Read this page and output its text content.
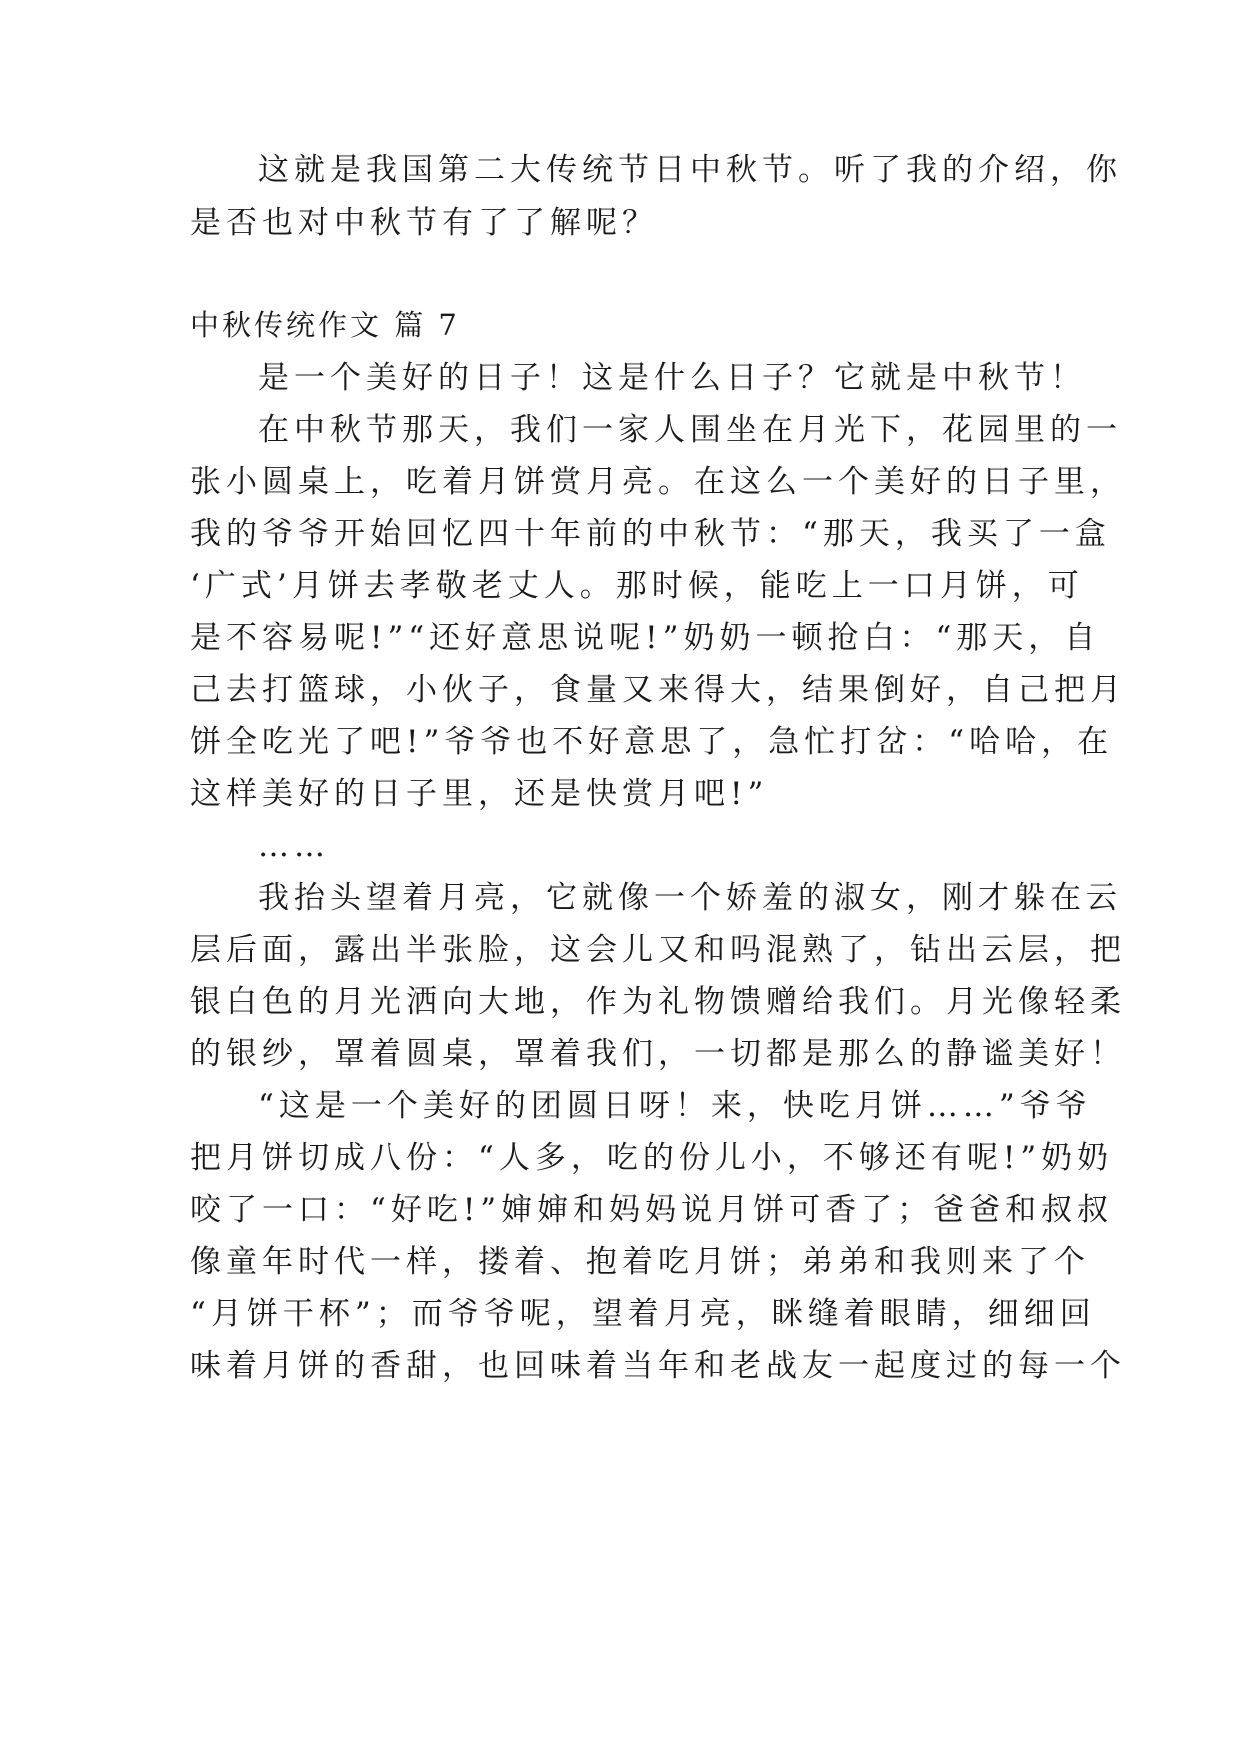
这就是我国第二大传统节日中秋节。听了我的介绍，你
是否也对中秋节有了了解呢？
中秋传统作文 篇 7
是一个美好的日子！这是什么日子？它就是中秋节！
在中秋节那天，我们一家人围坐在月光下，花园里的一
张小圆桌上，吃着月饼赏月亮。在这么一个美好的日子里，
我的爷爷开始回忆四十年前的中秋节：“那天，我买了一盒
‘广式’月饼去孝敬老丈人。那时候，能吃上一口月饼，可
是不容易呢!”“还好意思说呢!”奶奶一顿抢白：“那天，自
己去打篮球，小伙子，食量又来得大，结果倒好，自己把月
饼全吃光了吧!”爷爷也不好意思了，急忙打岔：“哈哈，在
这样美好的日子里，还是快赏月吧!”
……
我抬头望着月亮，它就像一个娇羞的淑女，刚才躲在云
层后面，露出半张脸，这会儿又和吗混熟了，钻出云层，把
银白色的月光洒向大地，作为礼物馈赠给我们。月光像轻柔
的银纱，罩着圆桌，罩着我们，一切都是那么的静谧美好！
“这是一个美好的团圆日呀！来，快吃月饼……”爷爷
把月饼切成八份：“人多，吃的份儿小，不够还有呢!”奶奶
咬了一口：“好吃!”婶婶和妈妈说月饼可香了；爸爸和叔叔
像童年时代一样，搂着、抱着吃月饼；弟弟和我则来了个
“月饼干杯”；而爷爷呢，望着月亮，眯缝着眼睛，细细回
味着月饼的香甜，也回味着当年和老战友一起度过的每一个
